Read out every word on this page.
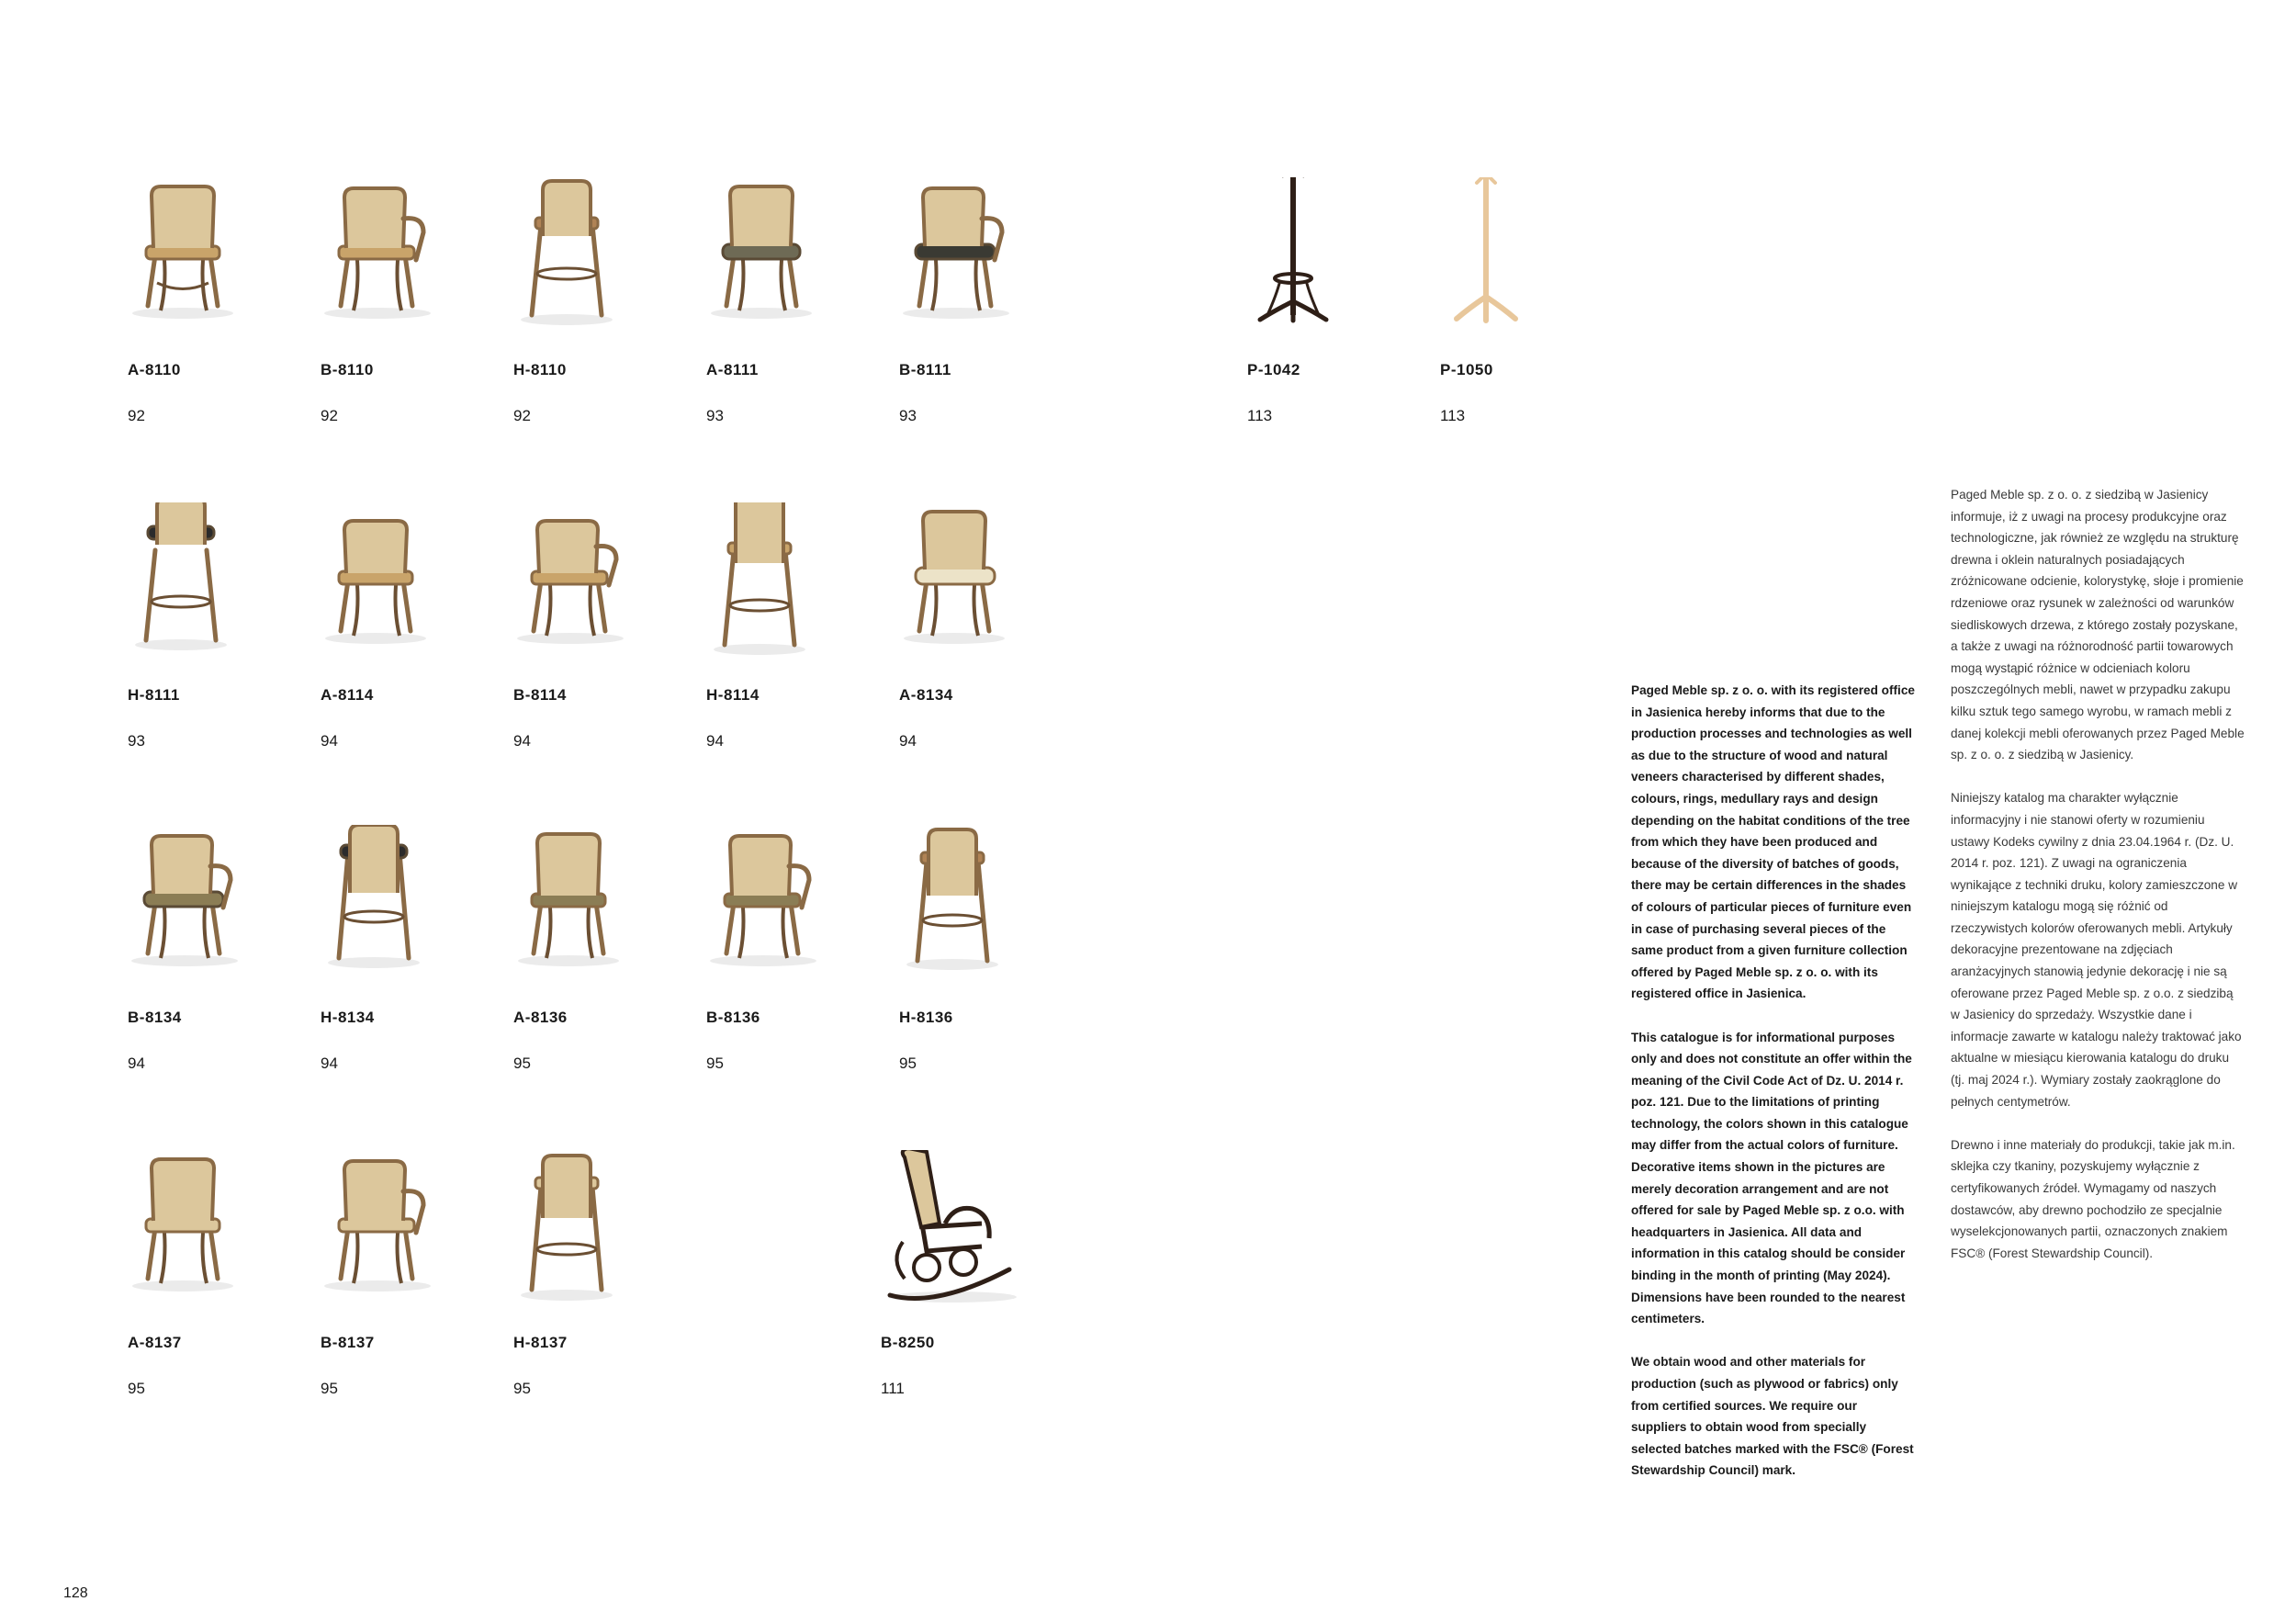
A-8110
92
B-8110
92
H-8110
92
A-8111
93
B-8111
93
P-1042
113
P-1050
113
H-8111
93
A-8114
94
B-8114
94
H-8114
94
A-8134
94
B-8134
94
H-8134
94
A-8136
95
B-8136
95
H-8136
95
A-8137
95
B-8137
95
H-8137
95
B-8250
111

Paged Meble sp. z o. o. with its registered office in Jasienica hereby informs that due to the production processes and technologies as well as due to the structure of wood and natural veneers characterised by different shades, colours, rings, medullary rays and design depending on the habitat conditions of the tree from which they have been produced and because of the diversity of batches of goods, there may be certain differences in the shades of colours of particular pieces of furniture even in case of purchasing several pieces of the same product from a given furniture collection offered by Paged Meble sp. z o. o. with its registered office in Jasienica.

This catalogue is for informational purposes only and does not constitute an offer within the meaning of the Civil Code Act of Dz. U. 2014 r. poz. 121. Due to the limitations of printing technology, the colors shown in this catalogue may differ from the actual colors of furniture. Decorative items shown in the pictures are merely decoration arrangement and are not offered for sale by Paged Meble sp. z o.o. with headquarters in Jasienica. All data and information in this catalog should be consider binding in the month of printing (May 2024). Dimensions have been rounded to the nearest centimeters.

We obtain wood and other materials for production (such as plywood or fabrics) only from certified sources. We require our suppliers to obtain wood from specially selected batches marked with the FSC® (Forest Stewardship Council) mark.

Paged Meble sp. z o. o. z siedzibą w Jasienicy informuje, iż z uwagi na procesy produkcyjne oraz technologiczne, jak również ze względu na strukturę drewna i oklein naturalnych posiadających zróżnicowane odcienie, kolorystykę, słoje i promienie rdzeniowe oraz rysunek w zależności od warunków siedliskowych drzewa, z którego zostały pozyskane, a także z uwagi na różnorodność partii towarowych mogą wystąpić różnice w odcieniach koloru poszczególnych mebli, nawet w przypadku zakupu kilku sztuk tego samego wyrobu, w ramach mebli z danej kolekcji mebli oferowanych przez Paged Meble sp. z o. o. z siedzibą w Jasienicy.

Niniejszy katalog ma charakter wyłącznie informacyjny i nie stanowi oferty w rozumieniu ustawy Kodeks cywilny z dnia 23.04.1964 r. (Dz. U. 2014 r. poz. 121). Z uwagi na ograniczenia wynikające z techniki druku, kolory zamieszczone w niniejszym katalogu mogą się różnić od rzeczywistych kolorów oferowanych mebli. Artykuły dekoracyjne prezentowane na zdjęciach aranżacyjnych stanowią jedynie dekorację i nie są oferowane przez Paged Meble sp. z o.o. z siedzibą w Jasienicy do sprzedaży. Wszystkie dane i informacje zawarte w katalogu należy traktować jako aktualne w miesiącu kierowania katalogu do druku (tj. maj 2024 r.). Wymiary zostały zaokrąglone do pełnych centymetrów.

Drewno i inne materiały do produkcji, takie jak m.in. sklejka czy tkaniny, pozyskujemy wyłącznie z certyfikowanych źródeł. Wymagamy od naszych dostawców, aby drewno pochodziło ze specjalnie wyselekcjonowanych partii, oznaczonych znakiem FSC® (Forest Stewardship Council).

128
